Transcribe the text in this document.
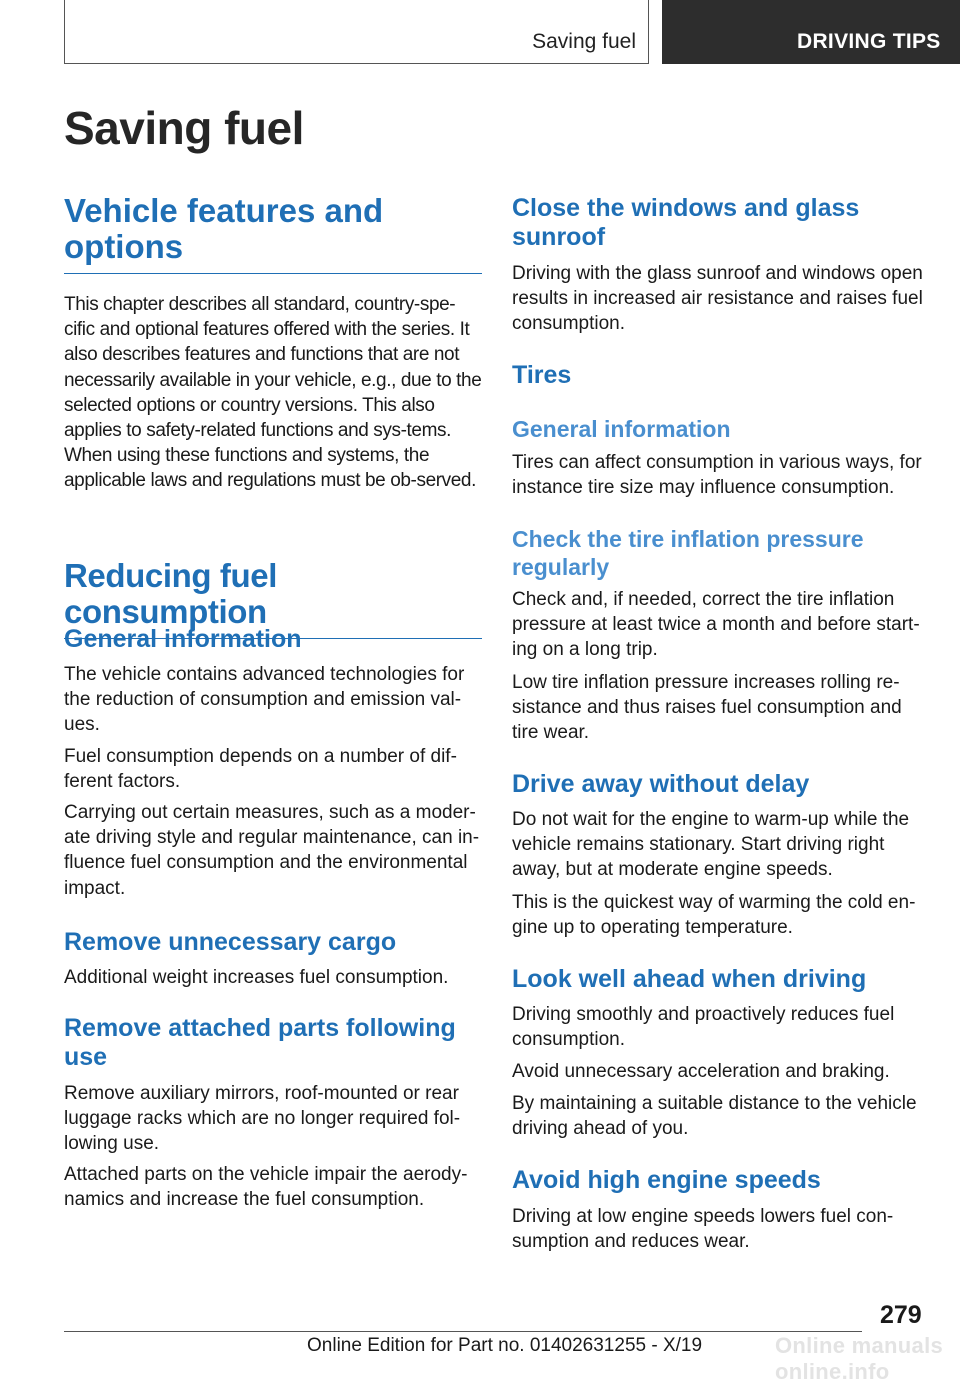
Saving fuel	DRIVING TIPS
Saving fuel
Vehicle features and options

This chapter describes all standard, country-spe-cific and optional features offered with the series. It also describes features and functions that are not necessarily available in your vehicle, e.g., due to the selected options or country versions. This also applies to safety-related functions and sys-tems. When using these functions and systems, the applicable laws and regulations must be ob-served.

Reducing fuel consumption
General information

The vehicle contains advanced technologies for the reduction of consumption and emission val-ues.

Fuel consumption depends on a number of dif-ferent factors.

Carrying out certain measures, such as a moder-ate driving style and regular maintenance, can in-fluence fuel consumption and the environmental impact.

Remove unnecessary cargo

Additional weight increases fuel consumption.

Remove attached parts following use

Remove auxiliary mirrors, roof-mounted or rear luggage racks which are no longer required fol-lowing use.

Attached parts on the vehicle impair the aerody-namics and increase the fuel consumption.

Close the windows and glass sunroof

Driving with the glass sunroof and windows open results in increased air resistance and raises fuel consumption.

Tires
General information

Tires can affect consumption in various ways, for instance tire size may influence consumption.

Check the tire inflation pressure regularly

Check and, if needed, correct the tire inflation pressure at least twice a month and before start-ing on a long trip.

Low tire inflation pressure increases rolling re-sistance and thus raises fuel consumption and tire wear.

Drive away without delay

Do not wait for the engine to warm-up while the vehicle remains stationary. Start driving right away, but at moderate engine speeds.

This is the quickest way of warming the cold en-gine up to operating temperature.

Look well ahead when driving

Driving smoothly and proactively reduces fuel consumption.

Avoid unnecessary acceleration and braking.

By maintaining a suitable distance to the vehicle driving ahead of you.

Avoid high engine speeds

Driving at low engine speeds lowers fuel con-sumption and reduces wear.

279
Online Edition for Part no. 01402631255 - X/19	Online manuals online.info
